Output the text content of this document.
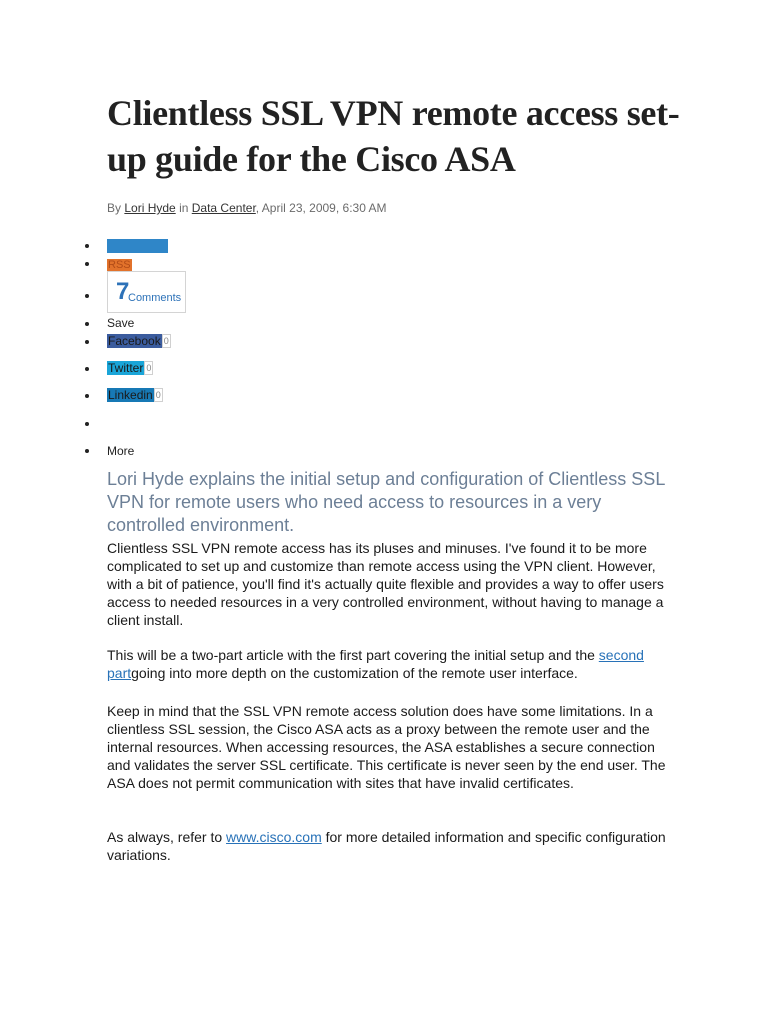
Clientless SSL VPN remote access set-up guide for the Cisco ASA
By Lori Hyde in Data Center, April 23, 2009, 6:30 AM
RSS
7
Comments
Save
Facebook 0
Twitter 0
Linkedin 0
More

Lori Hyde explains the initial setup and configuration of Clientless SSL VPN for remote users who need access to resources in a very controlled environment.

Clientless SSL VPN remote access has its pluses and minuses. I've found it to be more complicated to set up and customize than remote access using the VPN client. However, with a bit of patience, you'll find it's actually quite flexible and provides a way to offer users access to needed resources in a very controlled environment, without having to manage a client install.

This will be a two-part article with the first part covering the initial setup and the second partgoing into more depth on the customization of the remote user interface.

Keep in mind that the SSL VPN remote access solution does have some limitations. In a clientless SSL session, the Cisco ASA acts as a proxy between the remote user and the internal resources. When accessing resources, the ASA establishes a secure connection and validates the server SSL certificate. This certificate is never seen by the end user. The ASA does not permit communication with sites that have invalid certificates.

As always, refer to www.cisco.com for more detailed information and specific configuration variations.
